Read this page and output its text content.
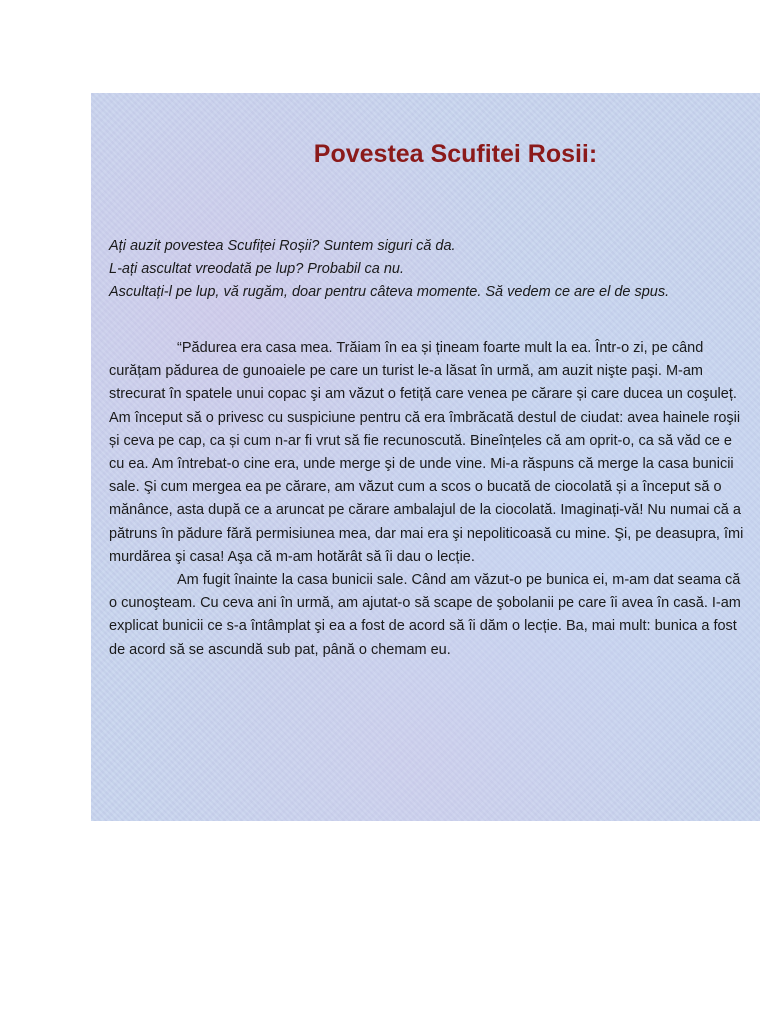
Povestea Scufitei Rosii:
Ați auzit povestea Scufiței Roșii? Suntem siguri că da.
L-ați ascultat vreodată pe lup? Probabil ca nu.
Ascultați-l pe lup, vă rugăm, doar pentru câteva momente. Să vedem ce are el de spus.

“Pădurea era casa mea. Trăiam în ea și țineam foarte mult la ea. Într-o zi, pe când curățam pădurea de gunoaiele pe care un turist le-a lăsat în urmă, am auzit nişte paşi. M-am strecurat în spatele unui copac şi am văzut o fetiță care venea pe cărare și care ducea un coşuleț. Am început să o privesc cu suspiciune pentru că era îmbrăcată destul de ciudat: avea hainele roşii și ceva pe cap, ca și cum n-ar fi vrut să fie recunoscută. Bineînțeles că am oprit-o, ca să văd ce e cu ea. Am întrebat-o cine era, unde merge şi de unde vine. Mi-a răspuns că merge la casa bunicii sale. Şi cum mergea ea pe cărare, am văzut cum a scos o bucată de ciocolată și a început să o mănânce, asta după ce a aruncat pe cărare ambalajul de la ciocolată. Imaginați-vă! Nu numai că a pătruns în pădure fără permisiunea mea, dar mai era şi nepoliticoasă cu mine. Şi, pe deasupra, îmi murdărea şi casa! Aşa că m-am hotărât să îi dau o lecție.

Am fugit înainte la casa bunicii sale. Când am văzut-o pe bunica ei, m-am dat seama că o cunoşteam. Cu ceva ani în urmă, am ajutat-o să scape de şobolanii pe care îi avea în casă. I-am explicat bunicii ce s-a întâmplat şi ea a fost de acord să îi dăm o lecție. Ba, mai mult: bunica a fost de acord să se ascundă sub pat, până o chemam eu.
